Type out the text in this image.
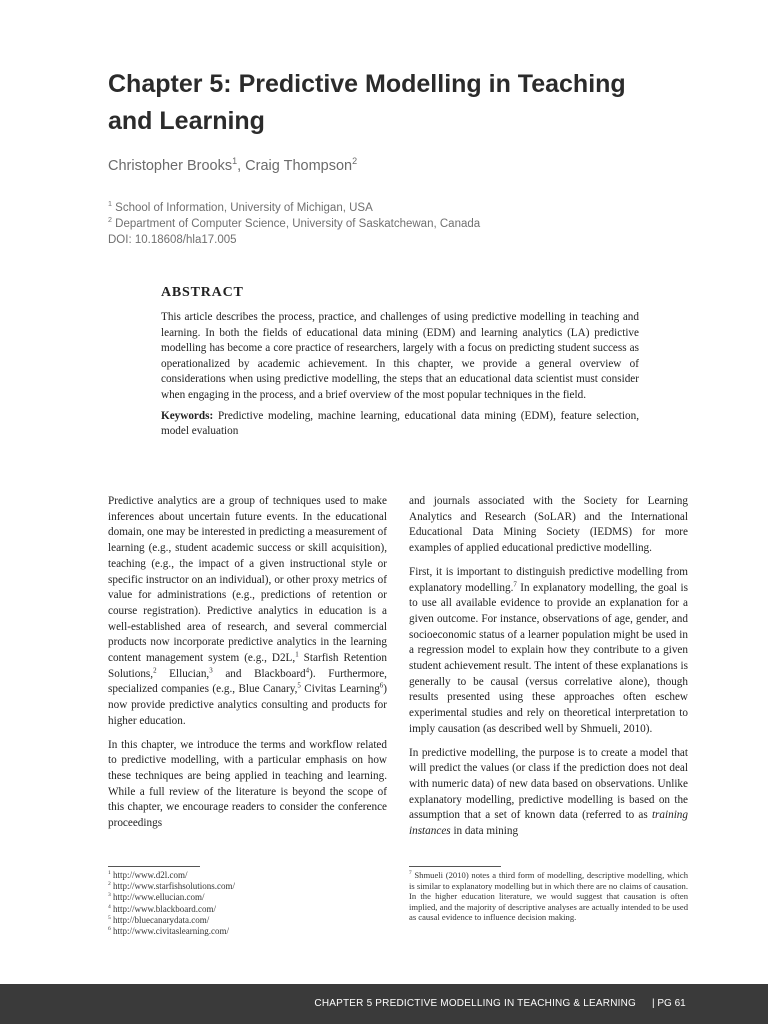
Chapter 5: Predictive Modelling in Teaching and Learning
Christopher Brooks$^1$, Craig Thompson$^2$
$^1$ School of Information, University of Michigan, USA
$^2$ Department of Computer Science, University of Saskatchewan, Canada
DOI: 10.18608/hla17.005
ABSTRACT

This article describes the process, practice, and challenges of using predictive modelling in teaching and learning. In both the fields of educational data mining (EDM) and learning analytics (LA) predictive modelling has become a core practice of researchers, largely with a focus on predicting student success as operationalized by academic achievement. In this chapter, we provide a general overview of considerations when using predictive modelling, the steps that an educational data scientist must consider when engaging in the process, and a brief overview of the most popular techniques in the field.

Keywords: Predictive modeling, machine learning, educational data mining (EDM), feature selection, model evaluation

Predictive analytics are a group of techniques used to make inferences about uncertain future events. In the educational domain, one may be interested in predicting a measurement of learning (e.g., student academic success or skill acquisition), teaching (e.g., the impact of a given instructional style or specific instructor on an individual), or other proxy metrics of value for administrations (e.g., predictions of retention or course registration). Predictive analytics in education is a well-established area of research, and several commercial products now incorporate predictive analytics in the learning content management system (e.g., D2L,$^1$ Starfish Retention Solutions,$^2$ Ellucian,$^3$ and Blackboard$^4$). Furthermore, specialized companies (e.g., Blue Canary,$^5$ Civitas Learning$^6$) now provide predictive analytics consulting and products for higher education.

In this chapter, we introduce the terms and workflow related to predictive modelling, with a particular emphasis on how these techniques are being applied in teaching and learning. While a full review of the literature is beyond the scope of this chapter, we encourage readers to consider the conference proceedings

and journals associated with the Society for Learning Analytics and Research (SoLAR) and the International Educational Data Mining Society (IEDMS) for more examples of applied educational predictive modelling.

First, it is important to distinguish predictive modelling from explanatory modelling.$^7$ In explanatory modelling, the goal is to use all available evidence to provide an explanation for a given outcome. For instance, observations of age, gender, and socioeconomic status of a learner population might be used in a regression model to explain how they contribute to a given student achievement result. The intent of these explanations is generally to be causal (versus correlative alone), though results presented using these approaches often eschew experimental studies and rely on theoretical interpretation to imply causation (as described well by Shmueli, 2010).

In predictive modelling, the purpose is to create a model that will predict the values (or class if the prediction does not deal with numeric data) of new data based on observations. Unlike explanatory modelling, predictive modelling is based on the assumption that a set of known data (referred to as training instances in data mining

$^1$ http://www.d2l.com/
$^2$ http://www.starfishsolutions.com/
$^3$ http://www.ellucian.com/
$^4$ http://www.blackboard.com/
$^5$ http://bluecanarydata.com/
$^6$ http://www.civitaslearning.com/
$^7$ Shmueli (2010) notes a third form of modelling, descriptive modelling, which is similar to explanatory modelling but in which there are no claims of causation. In the higher education literature, we would suggest that causation is often implied, and the majority of descriptive analyses are actually intended to be used as causal evidence to influence decision making.
CHAPTER 5 PREDICTIVE MODELLING IN TEACHING & LEARNING | PG 61
